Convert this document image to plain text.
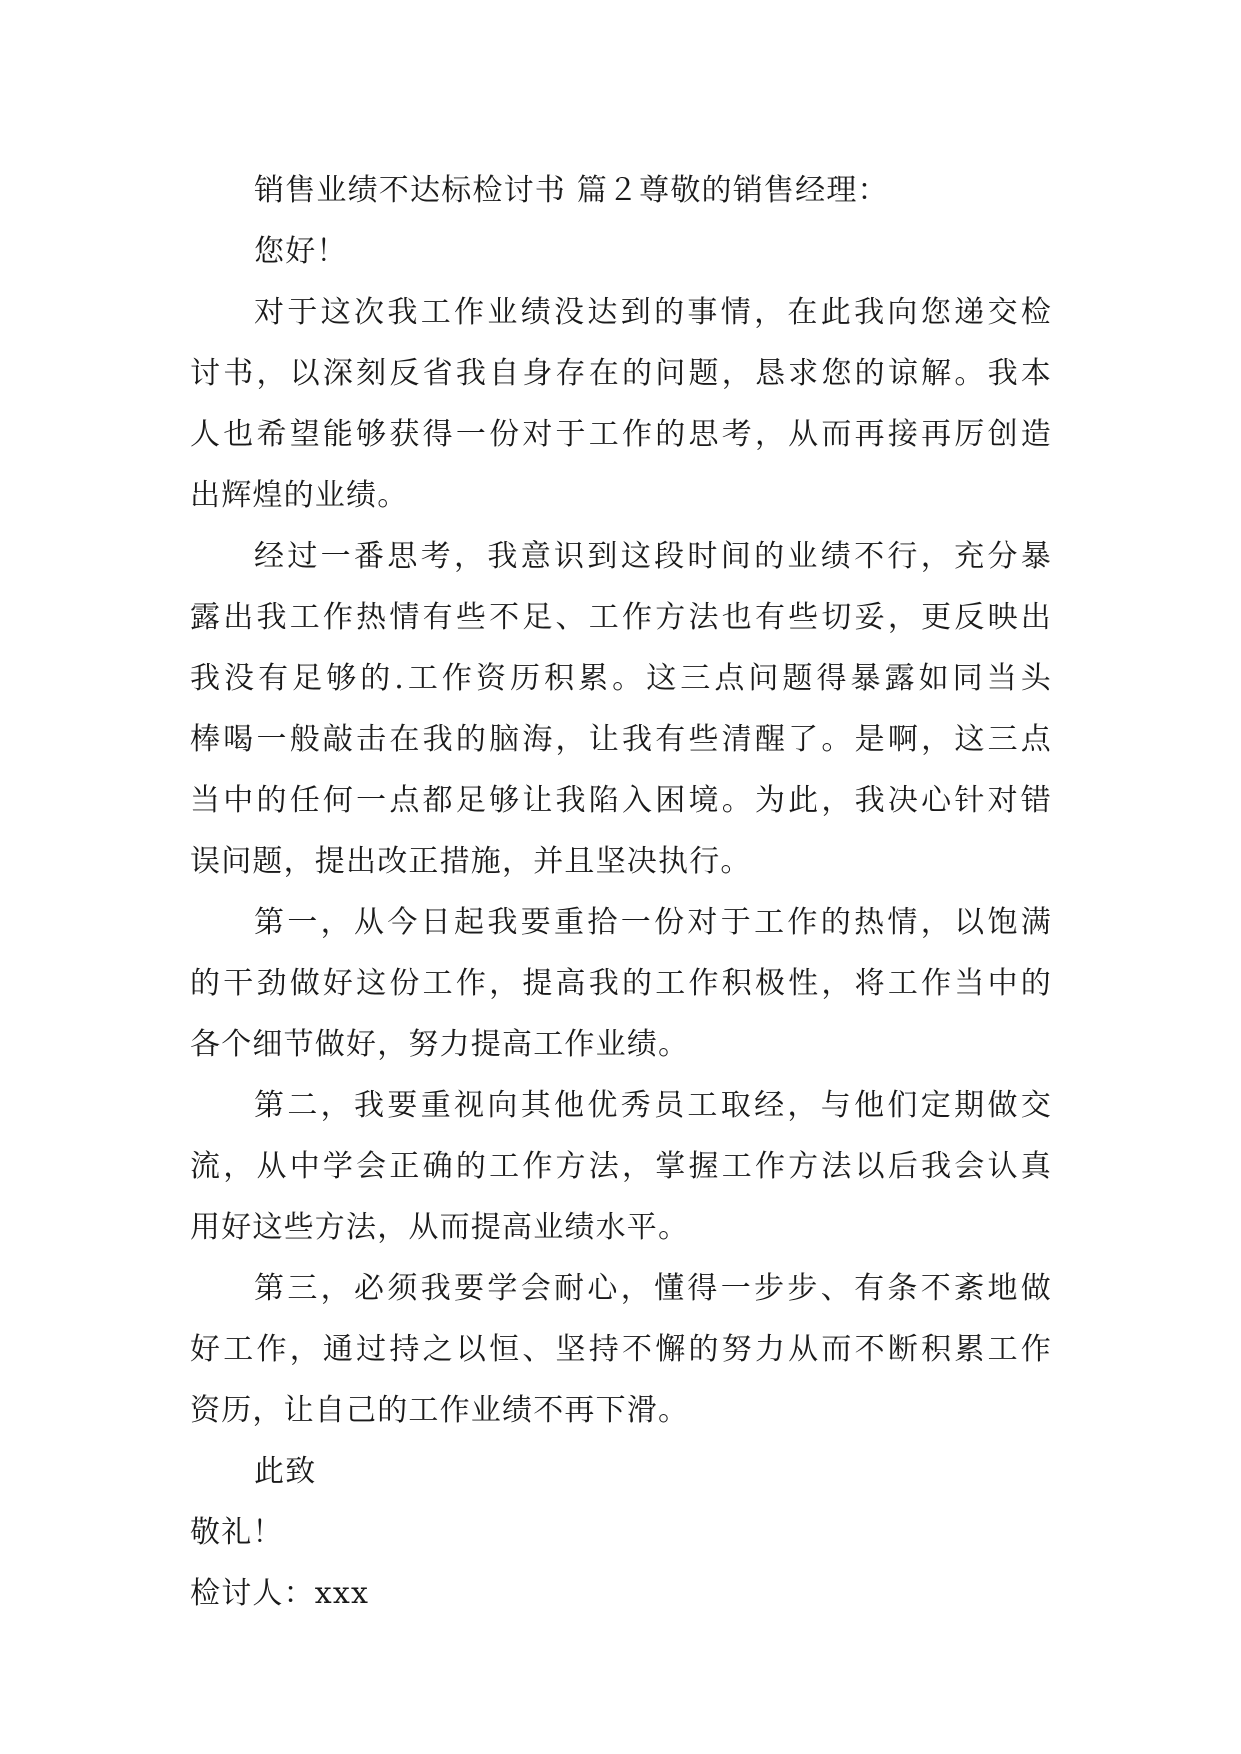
销售业绩不达标检讨书 篇２尊敬的销售经理：
您好！
对于这次我工作业绩没达到的事情，在此我向您递交检
讨书，以深刻反省我自身存在的问题，恳求您的谅解。我本
人也希望能够获得一份对于工作的思考，从而再接再厉创造
出辉煌的业绩。
经过一番思考，我意识到这段时间的业绩不行，充分暴
露出我工作热情有些不足、工作方法也有些切妥，更反映出
我没有足够的.工作资历积累。这三点问题得暴露如同当头
棒喝一般敲击在我的脑海，让我有些清醒了。是啊，这三点
当中的任何一点都足够让我陷入困境。为此，我决心针对错
误问题，提出改正措施，并且坚决执行。
第一，从今日起我要重拾一份对于工作的热情，以饱满
的干劲做好这份工作，提高我的工作积极性，将工作当中的
各个细节做好，努力提高工作业绩。
第二，我要重视向其他优秀员工取经，与他们定期做交
流，从中学会正确的工作方法，掌握工作方法以后我会认真
用好这些方法，从而提高业绩水平。
第三，必须我要学会耐心，懂得一步步、有条不紊地做
好工作，通过持之以恒、坚持不懈的努力从而不断积累工作
资历，让自己的工作业绩不再下滑。
此致
敬礼！
检讨人：xxx
